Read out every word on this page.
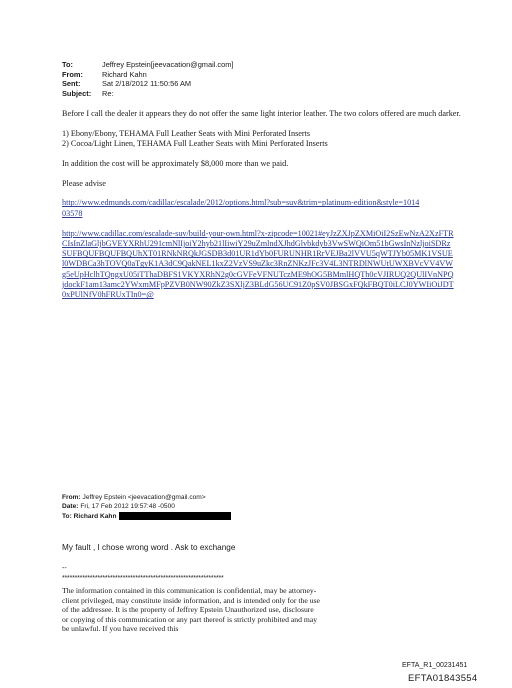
To:	Jeffrey Epstein[jeevacation@gmail.com]
From:	Richard Kahn
Sent:	Sat 2/18/2012 11:50:56 AM
Subject:	Re:

Before I call the dealer it appears they do not offer the same light interior leather. The two colors offered are much darker.

1) Ebony/Ebony, TEHAMA Full Leather Seats with Mini Perforated Inserts
2) Cocoa/Light Linen, TEHAMA Full Leather Seats with Mini Perforated Inserts

In addition the cost will be approximately $8,000 more than we paid.

Please advise

http://www.edmunds.com/cadillac/escalade/2012/options.html?sub=suv&trim=platinum-edition&style=101403578

http://www.cadillac.com/escalade-suv/build-your-own.html?x-zipcode=10021#eyJzZXJpZXMiOiI2SzEwNzA2XzFTRCIsInZlaGljbGVEYXRhU291cmNlIjoiY2hyb21lIiwiY29uZmlndXJhdGlvbkdyb3VwSWQiOm51bGwsInNzljoiSDRzSUFBQUFBQUFBQUhXT01RNkNRQkJGSDB3d01UR1dYb0FURUNHR1RrVEJBa2lVVU5qWTJYb05MK1VSUEl0WDBCa3hTOVQ0aTgyK1A3dC9QakNEL1kxZ2VzVS9uZkc3RnZNKzJFc3V4L3NTRDlNWUtUWXBVcVV4VWg5eUpHclhTQngxU05iTThaDBFS1VKYXRhN2g0cGVFeVFNUTczME9hOG5BMmlHQTh0cVJIRUQ2QUlIVnNPQjdockF1am13amc2YWxmMFpPZVB0NW90ZkZ3SXljZ3BLdG56UC91Z0pSV0JBSGxFQkFBQT0iLCJ0YWIiOiJDT0xPUlNfV0hFRUxTIn0=@

From: Jeffrey Epstein <jeevacation@gmail.com>
Date: Fri, 17 Feb 2012 19:57:48 -0500
To: Richard Kahn
My fault , I chose wrong word . Ask to exchange
--
****************************************************************
The information contained in this communication is confidential, may be attorney-client privileged, may constitute inside information, and is intended only for the use of the addressee. It is the property of Jeffrey Epstein Unauthorized use, disclosure or copying of this communication or any part thereof is strictly prohibited and may be unlawful. If you have received this
EFTA_R1_00231451
EFTA01843554
